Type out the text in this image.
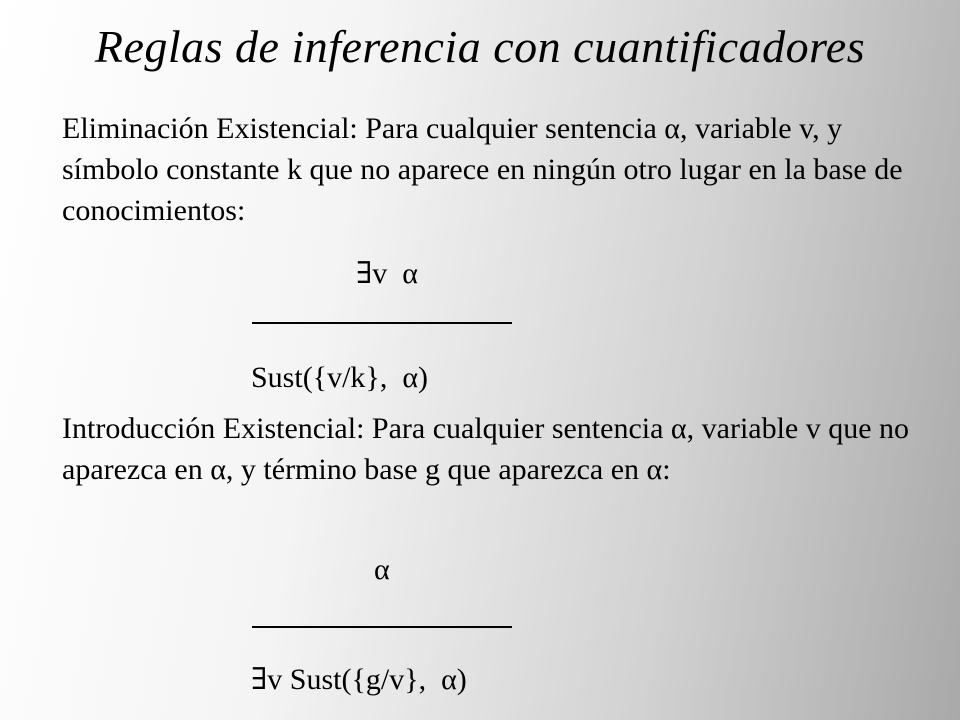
Reglas de inferencia con cuantificadores
Eliminación Existencial: Para cualquier sentencia α, variable v, y símbolo constante k que no aparece en ningún otro lugar en la base de conocimientos:
∃v  α
Sust({v/k},  α)
Introducción Existencial: Para cualquier sentencia α, variable v que no aparezca en α, y término base g que aparezca en α:
α
∃v Sust({g/v},  α)
